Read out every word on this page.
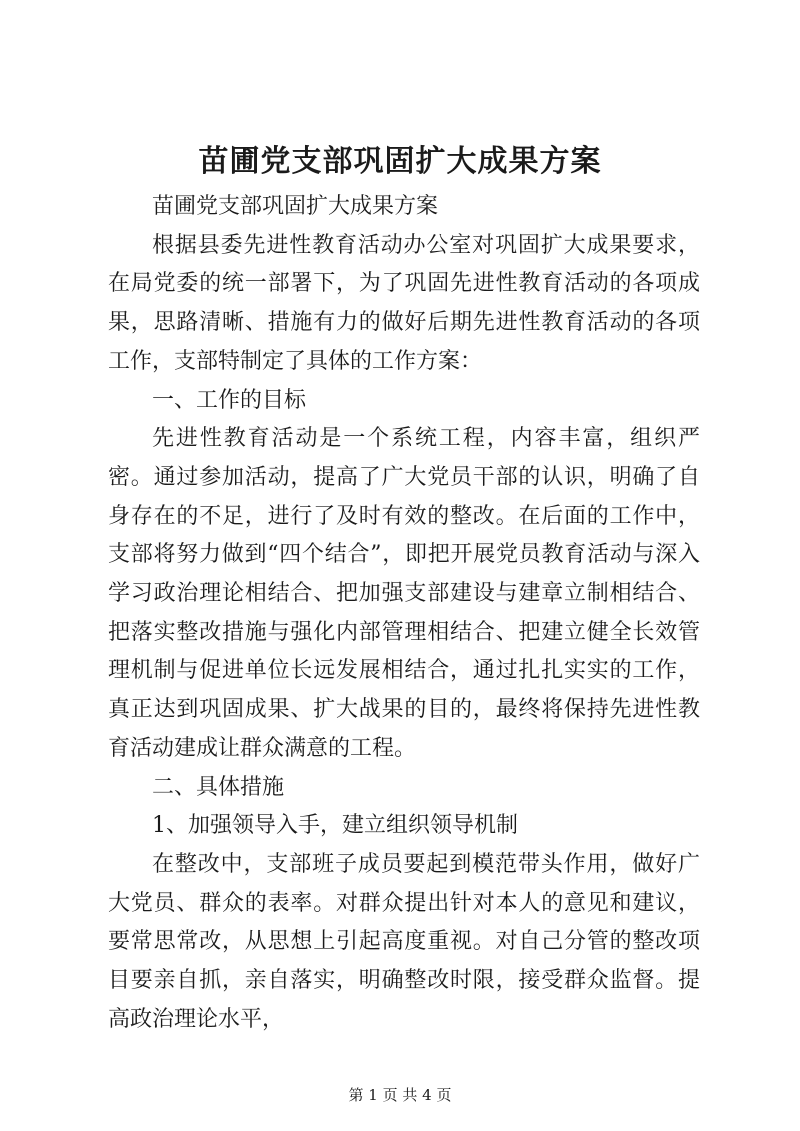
苗圃党支部巩固扩大成果方案

苗圃党支部巩固扩大成果方案

根据县委先进性教育活动办公室对巩固扩大成果要求，在局党委的统一部署下，为了巩固先进性教育活动的各项成果，思路清晰、措施有力的做好后期先进性教育活动的各项工作，支部特制定了具体的工作方案：

一、工作的目标

先进性教育活动是一个系统工程，内容丰富，组织严密。通过参加活动，提高了广大党员干部的认识，明确了自身存在的不足，进行了及时有效的整改。在后面的工作中，支部将努力做到“四个结合”，即把开展党员教育活动与深入学习政治理论相结合、把加强支部建设与建章立制相结合、把落实整改措施与强化内部管理相结合、把建立健全长效管理机制与促进单位长远发展相结合，通过扎扎实实的工作，真正达到巩固成果、扩大战果的目的，最终将保持先进性教育活动建成让群众满意的工程。

二、具体措施

1、加强领导入手，建立组织领导机制

在整改中，支部班子成员要起到模范带头作用，做好广大党员、群众的表率。对群众提出针对本人的意见和建议，要常思常改，从思想上引起高度重视。对自己分管的整改项目要亲自抓，亲自落实，明确整改时限，接受群众监督。提高政治理论水平，

第 1 页 共 4 页
